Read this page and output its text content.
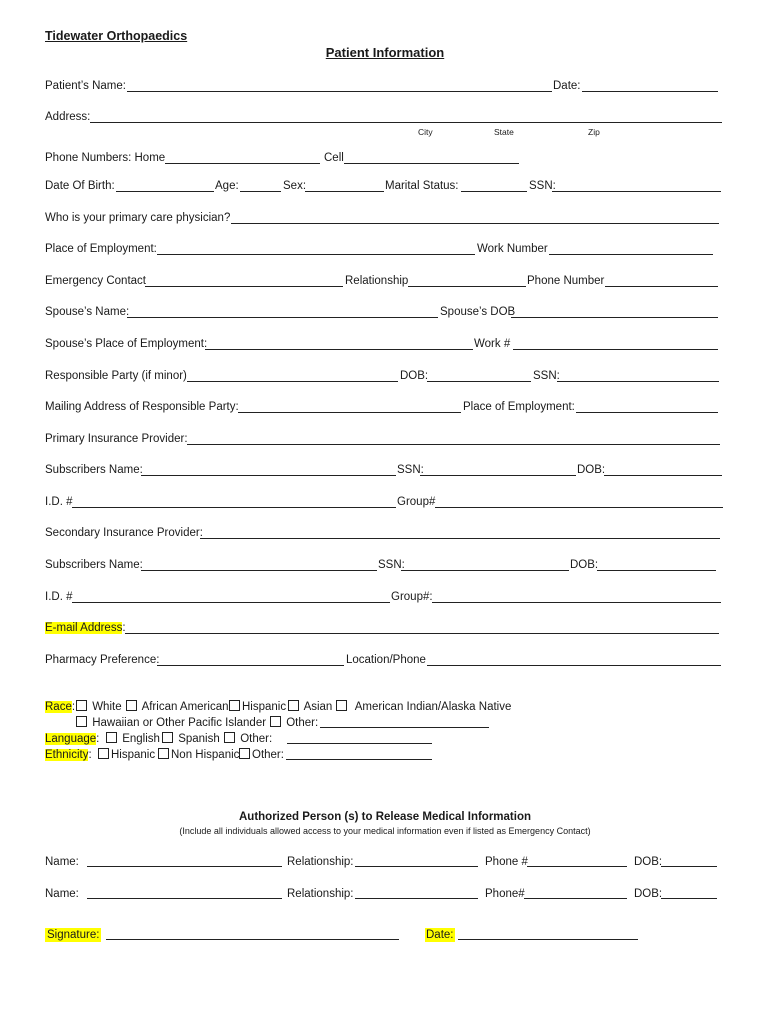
Tidewater Orthopaedics
Patient Information
Patient’s Name:	Date:
Address:
City	State	Zip
Phone Numbers: Home	Cell
Date Of Birth:	Age:	Sex:	Marital Status:	SSN:
Who is your primary care physician?
Place of Employment:	Work Number
Emergency Contact	Relationship	Phone Number
Spouse’s Name:	Spouse’s DOB
Spouse’s Place of Employment:	Work #
Responsible Party (if minor)	DOB:	SSN:
Mailing Address of Responsible Party:	Place of Employment:
Primary Insurance Provider:
Subscribers Name:	SSN:	DOB:
I.D. #	Group#
Secondary Insurance Provider:
Subscribers Name:	SSN:	DOB:
I.D. #	Group#:
E-mail Address:
Pharmacy Preference:	Location/Phone
Race:	White	African American	Hispanic	Asian	American Indian/Alaska Native
Hawaiian or Other Pacific Islander	Other:
Language:	English	Spanish	Other:
Ethnicity:	Hispanic	Non Hispanic	Other:
Authorized Person (s) to Release Medical Information
(Include all individuals allowed access to your medical information even if listed as Emergency Contact)
Name:	Relationship:	Phone #	DOB:
Name:	Relationship:	Phone#	DOB:
Signature:	Date:
